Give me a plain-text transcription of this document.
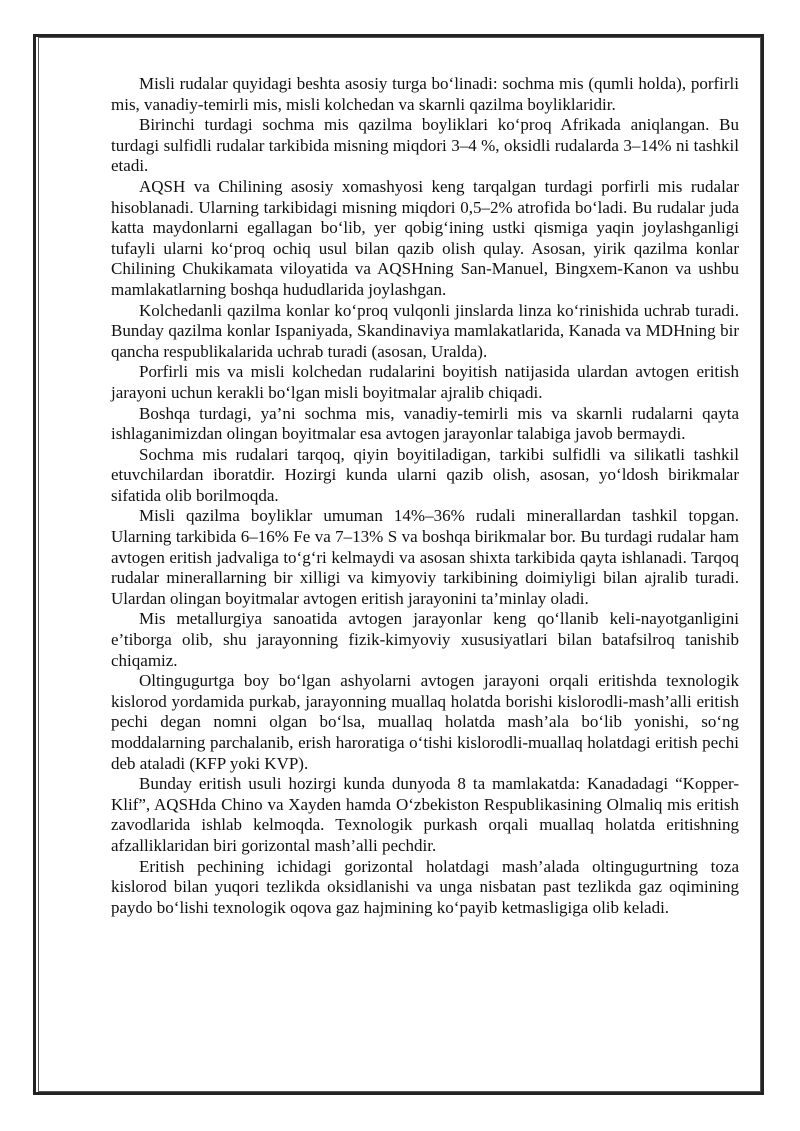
Misli rudalar quyidagi beshta asosiy turga boʻlinadi: sochma mis (qumli holda), porfirli mis, vanadiy-temirli mis, misli kolchedan va skarnli qazilma boyliklaridir.

Birinchi turdagi sochma mis qazilma boyliklari koʻproq Afrikada aniqlangan. Bu turdagi sulfidli rudalar tarkibida misning miqdori 3–4 %, oksidli rudalarda 3–14% ni tashkil etadi.

AQSH va Chilining asosiy xomashyosi keng tarqalgan turdagi porfirli mis rudalar hisoblanadi. Ularning tarkibidagi misning miqdori 0,5–2% atrofida boʻladi. Bu rudalar juda katta maydonlarni egallagan boʻlib, yer qobigʻining ustki qismiga yaqin joylashganligi tufayli ularni koʻproq ochiq usul bilan qazib olish qulay. Asosan, yirik qazilma konlar Chilining Chukikamata viloyatida va AQSHning San-Manuel, Bingxem-Kanon va ushbu mamlakatlarning boshqa hududlarida joylashgan.

Kolchedanli qazilma konlar koʻproq vulqonli jinslarda linza koʻrinishida uchrab turadi. Bunday qazilma konlar Ispaniyada, Skandinaviya mamlakatlarida, Kanada va MDHning bir qancha respublikalarida uchrab turadi (asosan, Uralda).

Porfirli mis va misli kolchedan rudalarini boyitish natijasida ulardan avtogen eritish jarayoni uchun kerakli boʻlgan misli boyitmalar ajralib chiqadi.

Boshqa turdagi, ya’ni sochma mis, vanadiy-temirli mis va skarnli rudalarni qayta ishlaganimizdan olingan boyitmalar esa avtogen jarayonlar talabiga javob bermaydi.

Sochma mis rudalari tarqoq, qiyin boyitiladigan, tarkibi sulfidli va silikatli tashkil etuvchilardan iboratdir. Hozirgi kunda ularni qazib olish, asosan, yoʻldosh birikmalar sifatida olib borilmoqda.

Misli qazilma boyliklar umuman 14%–36% rudali minerallardan tashkil topgan. Ularning tarkibida 6–16% Fe va 7–13% S va boshqa birikmalar bor. Bu turdagi rudalar ham avtogen eritish jadvaliga toʻgʻri kelmaydi va asosan shixta tarkibida qayta ishlanadi. Tarqoq rudalar minerallarning bir xilligi va kimyoviy tarkibining doimiyligi bilan ajralib turadi. Ulardan olingan boyitmalar avtogen eritish jarayonini ta’minlay oladi.

Mis metallurgiya sanoatida avtogen jarayonlar keng qoʻllanib keli-nayotganligini e’tiborga olib, shu jarayonning fizik-kimyoviy xususiyatlari bilan batafsilroq tanishib chiqamiz.

Oltingugurtga boy boʻlgan ashyolarni avtogen jarayoni orqali eritishda texnologik kislorod yordamida purkab, jarayonning muallaq holatda borishi kislorodli-mash’alli eritish pechi degan nomni olgan boʻlsa, muallaq holatda mash’ala boʻlib yonishi, soʻng moddalarning parchalanib, erish haroratiga oʻtishi kislorodli-muallaq holatdagi eritish pechi deb ataladi (KFP yoki KVP).

Bunday eritish usuli hozirgi kunda dunyoda 8 ta mamlakatda: Kanadadagi “Kopper-Klif”, AQSHda Chino va Xayden hamda Oʻzbekiston Respublikasining Olmaliq mis eritish zavodlarida ishlab kelmoqda. Texnologik purkash orqali muallaq holatda eritishning afzalliklaridan biri gorizontal mash’alli pechdir.

Eritish pechining ichidagi gorizontal holatdagi mash’alada oltingugurtning toza kislorod bilan yuqori tezlikda oksidlanishi va unga nisbatan past tezlikda gaz oqimining paydo boʻlishi texnologik oqova gaz hajmining koʻpayib ketmasligiga olib keladi.
